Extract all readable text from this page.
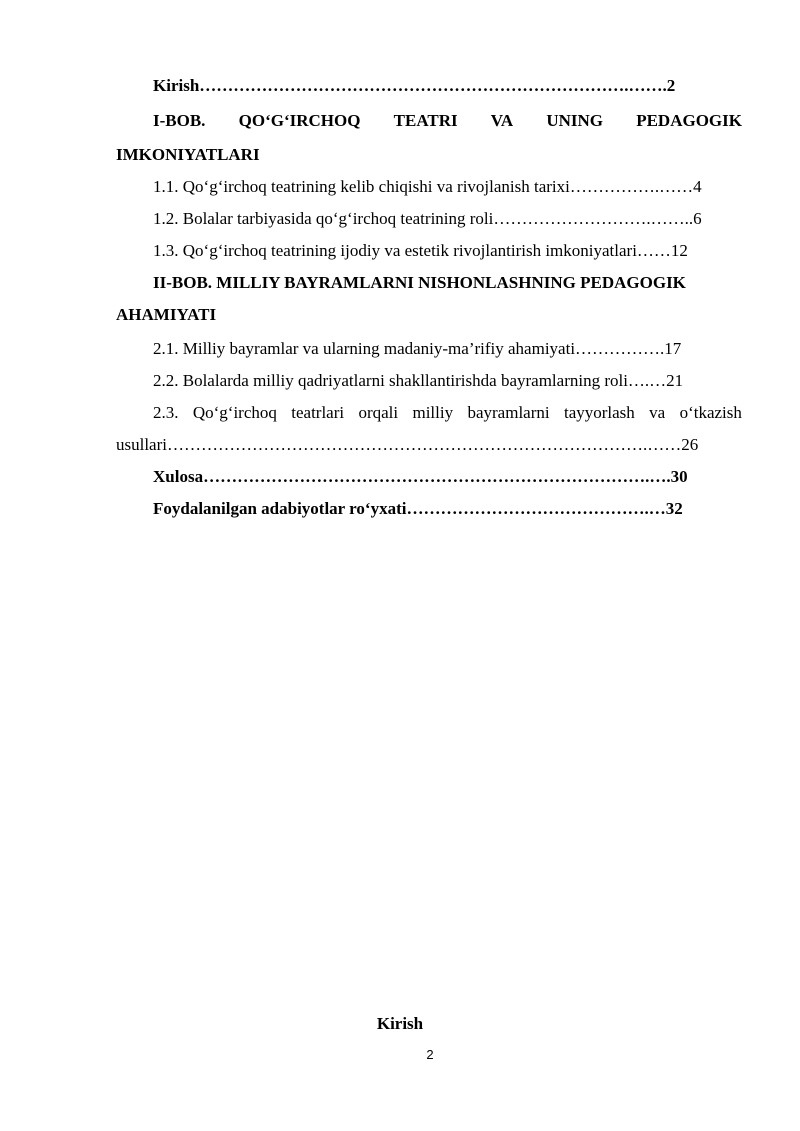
Kirish………………………………………………………………….…….2
I-BOB. QO‘G‘IRCHOQ TEATRI VA UNING PEDAGOGIK
IMKONIYATLARI
1.1. Qo‘g‘irchoq teatrining kelib chiqishi va rivojlanish tarixi…………….……4
1.2. Bolalar tarbiyasida qo‘g‘irchoq teatrining roli……………………….……..6
1.3. Qo‘g‘irchoq teatrining ijodiy va estetik rivojlantirish imkoniyatlari……12
II-BOB. MILLIY BAYRAMLARNI NISHONLASHNING PEDAGOGIK
AHAMIYATI
2.1. Milliy bayramlar va ularning madaniy-ma’rifiy ahamiyati…………….17
2.2. Bolalarda milliy qadriyatlarni shakllantirishda bayramlarning roli….…21
2.3. Qo‘g‘irchoq teatrlari orqali milliy bayramlarni tayyorlash va o‘tkazish
usullari………………………………………………………………………….……26
Xulosa…………………………………………………………………….….30
Foydalanilgan adabiyotlar ro‘yxati…………………………………….…32
Kirish
2
